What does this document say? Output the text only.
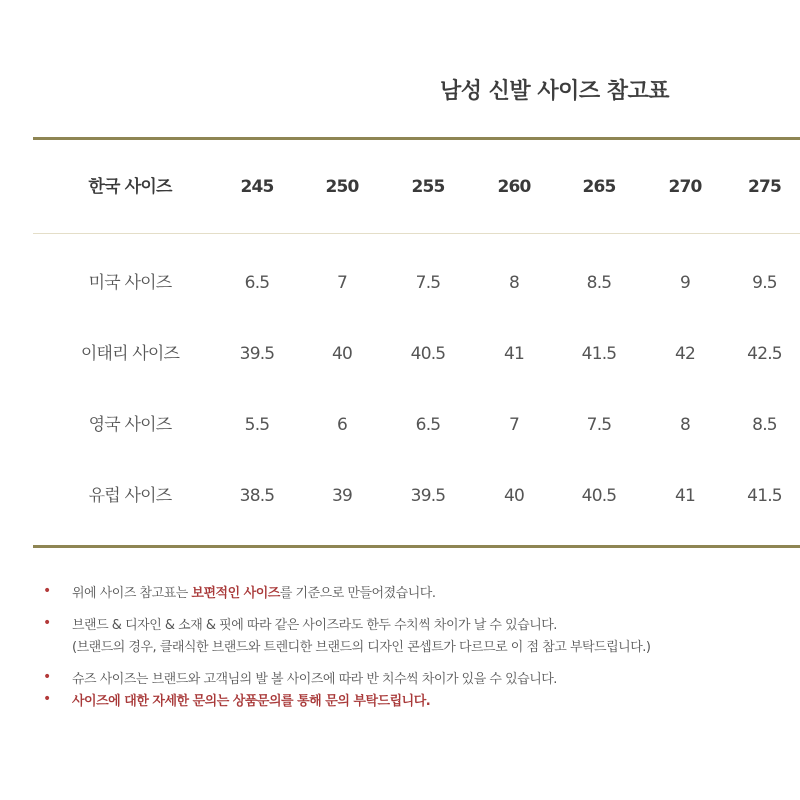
남성 신발 사이즈 참고표
한국 사이즈	245	250	255	260	265	270	275
미국 사이즈	6.5	7	7.5	8	8.5	9	9.5
이태리 사이즈	39.5	40	40.5	41	41.5	42	42.5
영국 사이즈	5.5	6	6.5	7	7.5	8	8.5
유럽 사이즈	38.5	39	39.5	40	40.5	41	41.5
• 위에 사이즈 참고표는 보편적인 사이즈를 기준으로 만들어졌습니다.
• 브랜드 & 디자인 & 소재 & 핏에 따라 같은 사이즈라도 한두 수치씩 차이가 날 수 있습니다.
(브랜드의 경우, 클래식한 브랜드와 트렌디한 브랜드의 디자인 콘셉트가 다르므로 이 점 참고 부탁드립니다.)
• 슈즈 사이즈는 브랜드와 고객님의 발 볼 사이즈에 따라 반 치수씩 차이가 있을 수 있습니다.
• 사이즈에 대한 자세한 문의는 상품문의를 통해 문의 부탁드립니다.
